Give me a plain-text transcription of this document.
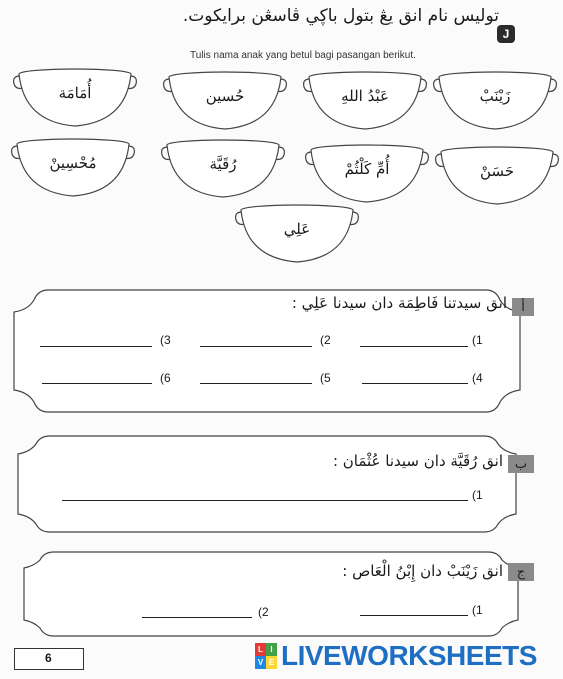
J
توليس نام انق يڠ بتول باڮي ڤاسڠن برايکوت.
Tulis nama anak yang betul bagi pasangan berikut.
زَيْنَبْ
عَبْدُ اللهِ
حُسين
أُمَامَة
حَسَنْ
أُمِّ كَلْثُمْ
رُقَيَّة
مُحْسِينْ
عَلِي
أ
انق سيدتنا فَاطِمَة دان سيدنا عَلِي :
(1
(2
(3
(4
(5
(6
ب
انق رُقَيَّة دان سيدنا عُثْمَان :
(1
ج
انق زَيْنَبْ دان إِبْنُ الْعَاص :
(1
(2
6
L I
V E LIVEWORKSHEETS
